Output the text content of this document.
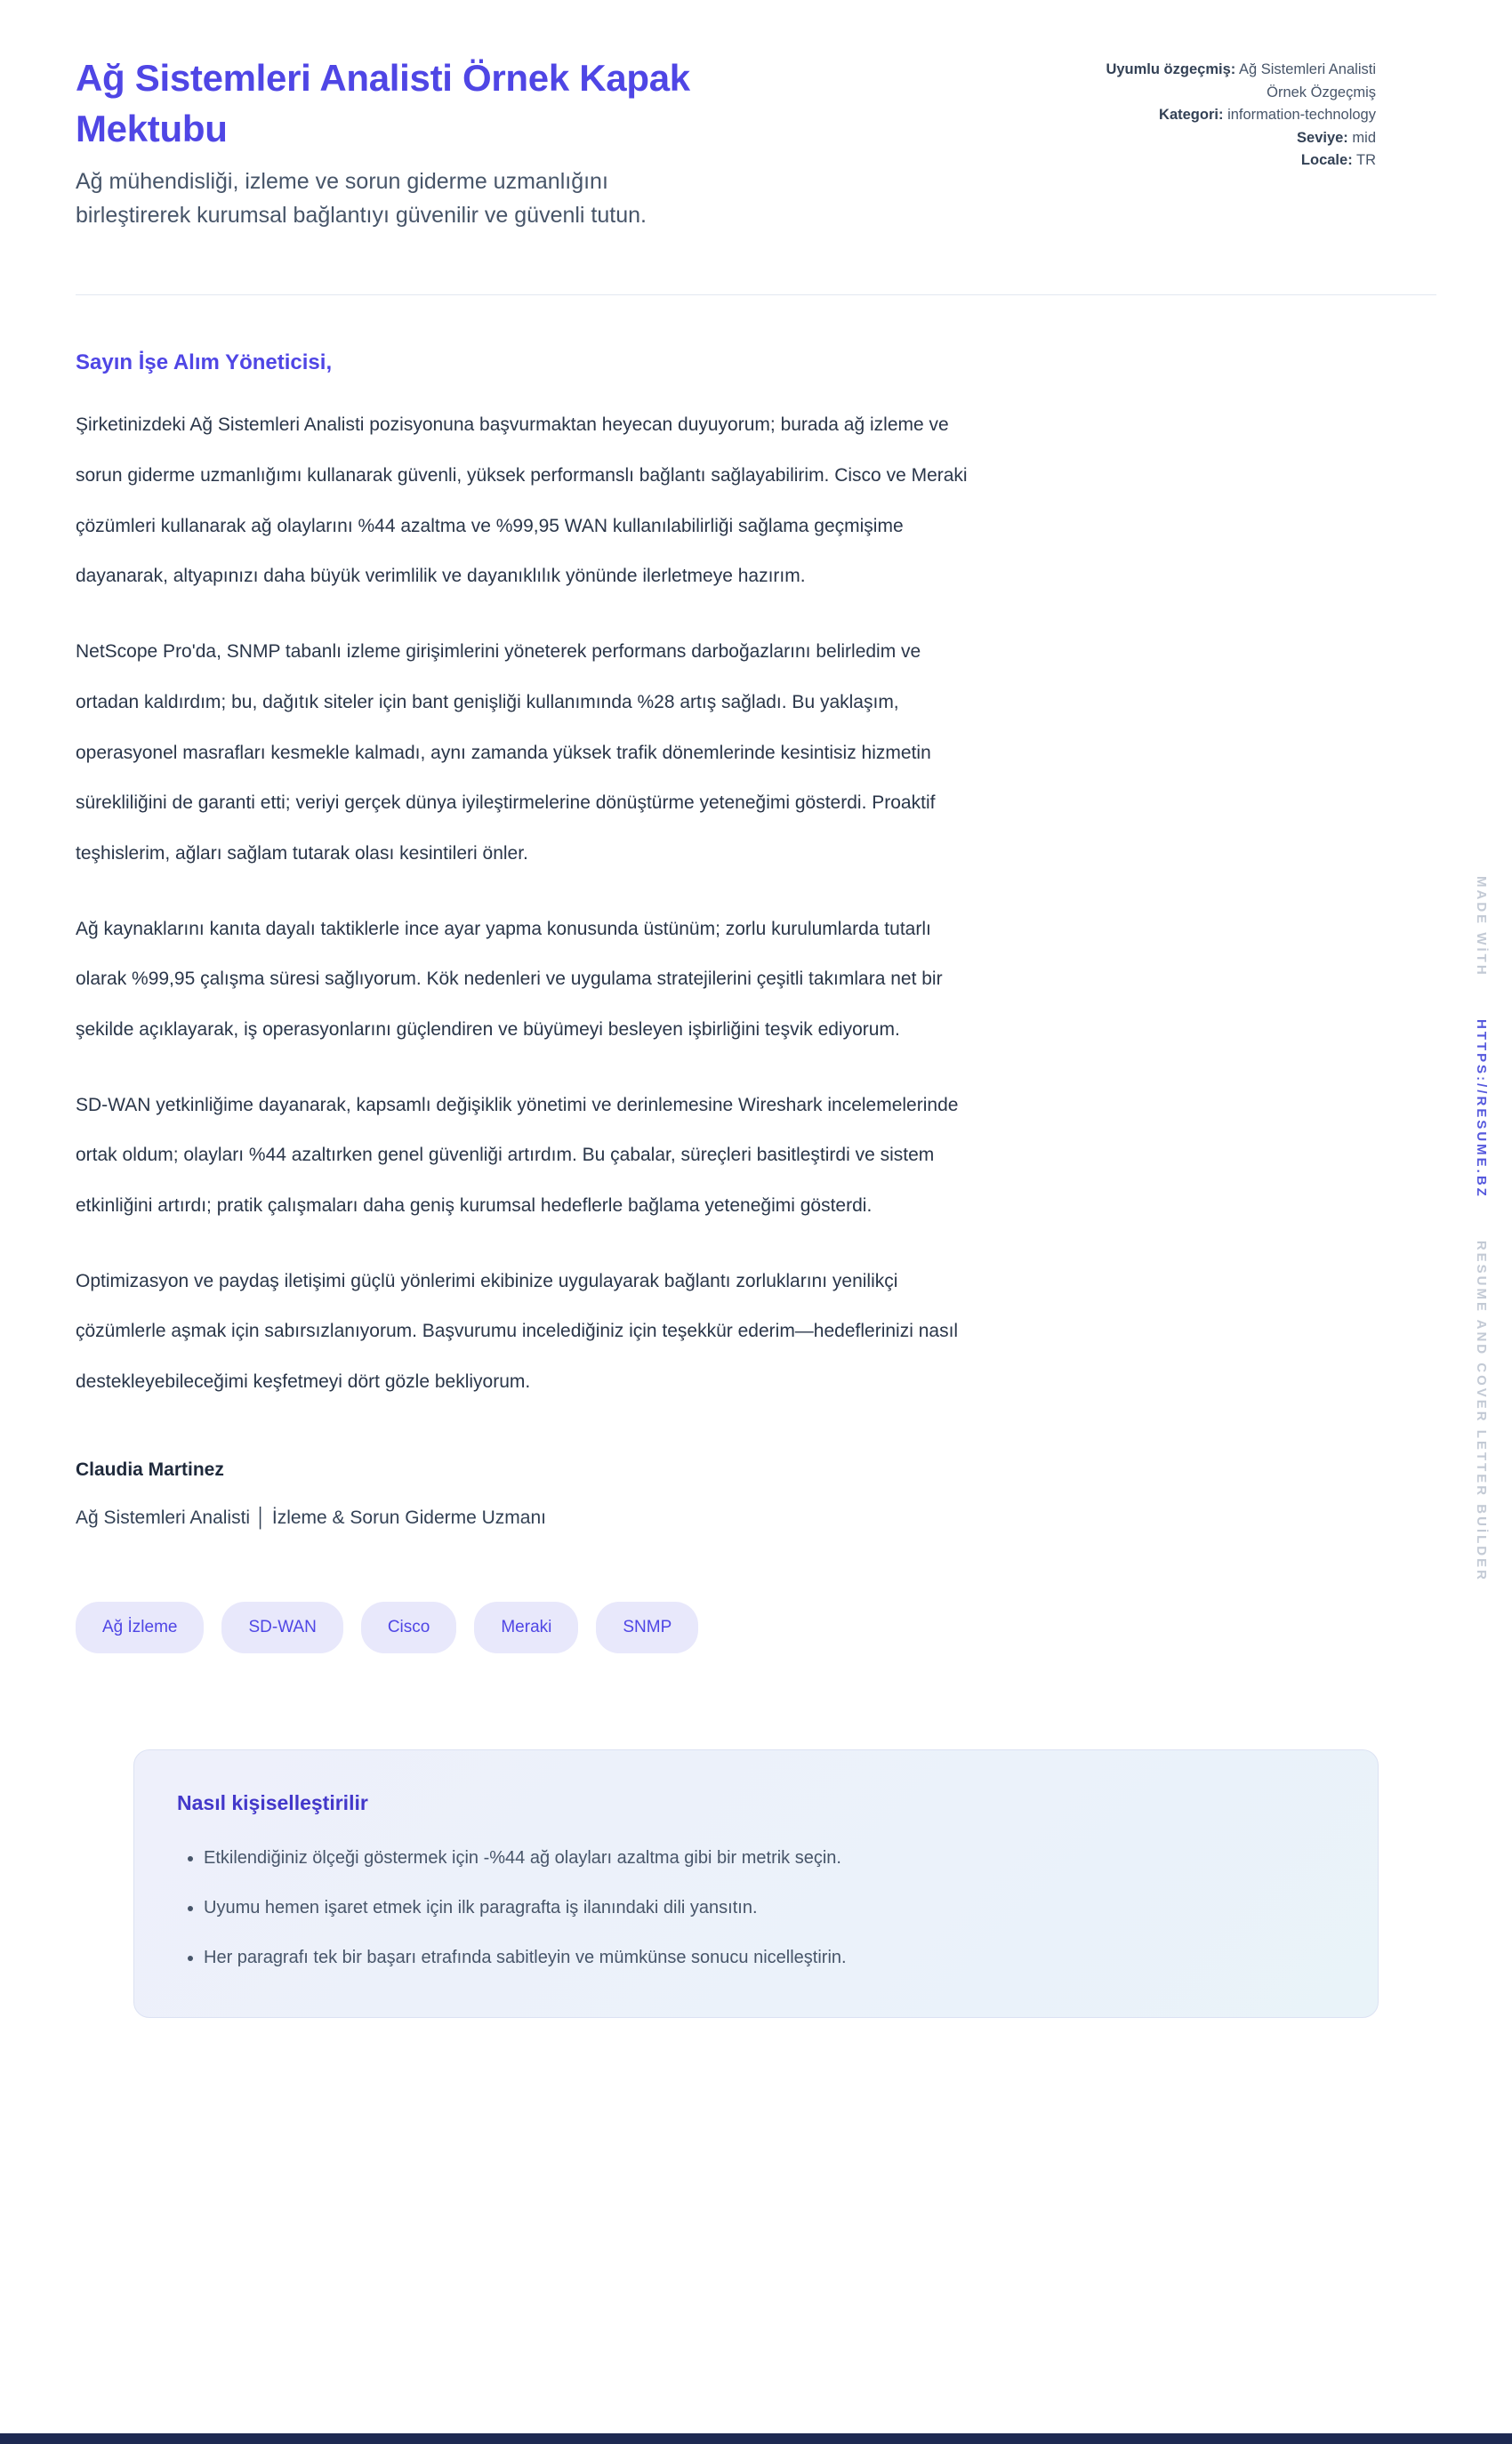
Ağ Sistemleri Analisti Örnek Kapak Mektubu

Ağ mühendisliği, izleme ve sorun giderme uzmanlığını birleştirerek kurumsal bağlantıyı güvenilir ve güvenli tutun.

Uyumlu özgeçmiş: Ağ Sistemleri Analisti Örnek Özgeçmiş
Kategori: information-technology
Seviye: mid
Locale: TR

Sayın İşe Alım Yöneticisi,

Şirketinizdeki Ağ Sistemleri Analisti pozisyonuna başvurmaktan heyecan duyuyorum; burada ağ izleme ve sorun giderme uzmanlığımı kullanarak güvenli, yüksek performanslı bağlantı sağlayabilirim. Cisco ve Meraki çözümleri kullanarak ağ olaylarını %44 azaltma ve %99,95 WAN kullanılabilirliği sağlama geçmişime dayanarak, altyapınızı daha büyük verimlilik ve dayanıklılık yönünde ilerletmeye hazırım.

NetScope Pro'da, SNMP tabanlı izleme girişimlerini yöneterek performans darboğazlarını belirledim ve ortadan kaldırdım; bu, dağıtık siteler için bant genişliği kullanımında %28 artış sağladı. Bu yaklaşım, operasyonel masrafları kesmekle kalmadı, aynı zamanda yüksek trafik dönemlerinde kesintisiz hizmetin sürekliliğini de garanti etti; veriyi gerçek dünya iyileştirmelerine dönüştürme yeteneğimi gösterdi. Proaktif teşhislerim, ağları sağlam tutarak olası kesintileri önler.

Ağ kaynaklarını kanıta dayalı taktiklerle ince ayar yapma konusunda üstünüm; zorlu kurulumlarda tutarlı olarak %99,95 çalışma süresi sağlıyorum. Kök nedenleri ve uygulama stratejilerini çeşitli takımlara net bir şekilde açıklayarak, iş operasyonlarını güçlendiren ve büyümeyi besleyen işbirliğini teşvik ediyorum.

SD-WAN yetkinliğime dayanarak, kapsamlı değişiklik yönetimi ve derinlemesine Wireshark incelemelerinde ortak oldum; olayları %44 azaltırken genel güvenliği artırdım. Bu çabalar, süreçleri basitleştirdi ve sistem etkinliğini artırdı; pratik çalışmaları daha geniş kurumsal hedeflerle bağlama yeteneğimi gösterdi.

Optimizasyon ve paydaş iletişimi güçlü yönlerimi ekibinize uygulayarak bağlantı zorluklarını yenilikçi çözümlerle aşmak için sabırsızlanıyorum. Başvurumu incelediğiniz için teşekkür ederim—hedeflerinizi nasıl destekleyebileceğimi keşfetmeyi dört gözle bekliyorum.

Claudia Martinez

Ağ Sistemleri Analisti │ İzleme & Sorun Giderme Uzmanı

Ağ İzleme	SD-WAN	Cisco	Meraki	SNMP
Nasıl kişiselleştirilir
• Etkilendiğiniz ölçeği göstermek için -%44 ağ olayları azaltma gibi bir metrik seçin.
• Uyumu hemen işaret etmek için ilk paragrafta iş ilanındaki dili yansıtın.
• Her paragrafı tek bir başarı etrafında sabitleyin ve mümkünse sonucu nicelleştirin.
MADE WİTH HTTPS://RESUME.BZ RESUME AND COVER LETTER BUİLDER
